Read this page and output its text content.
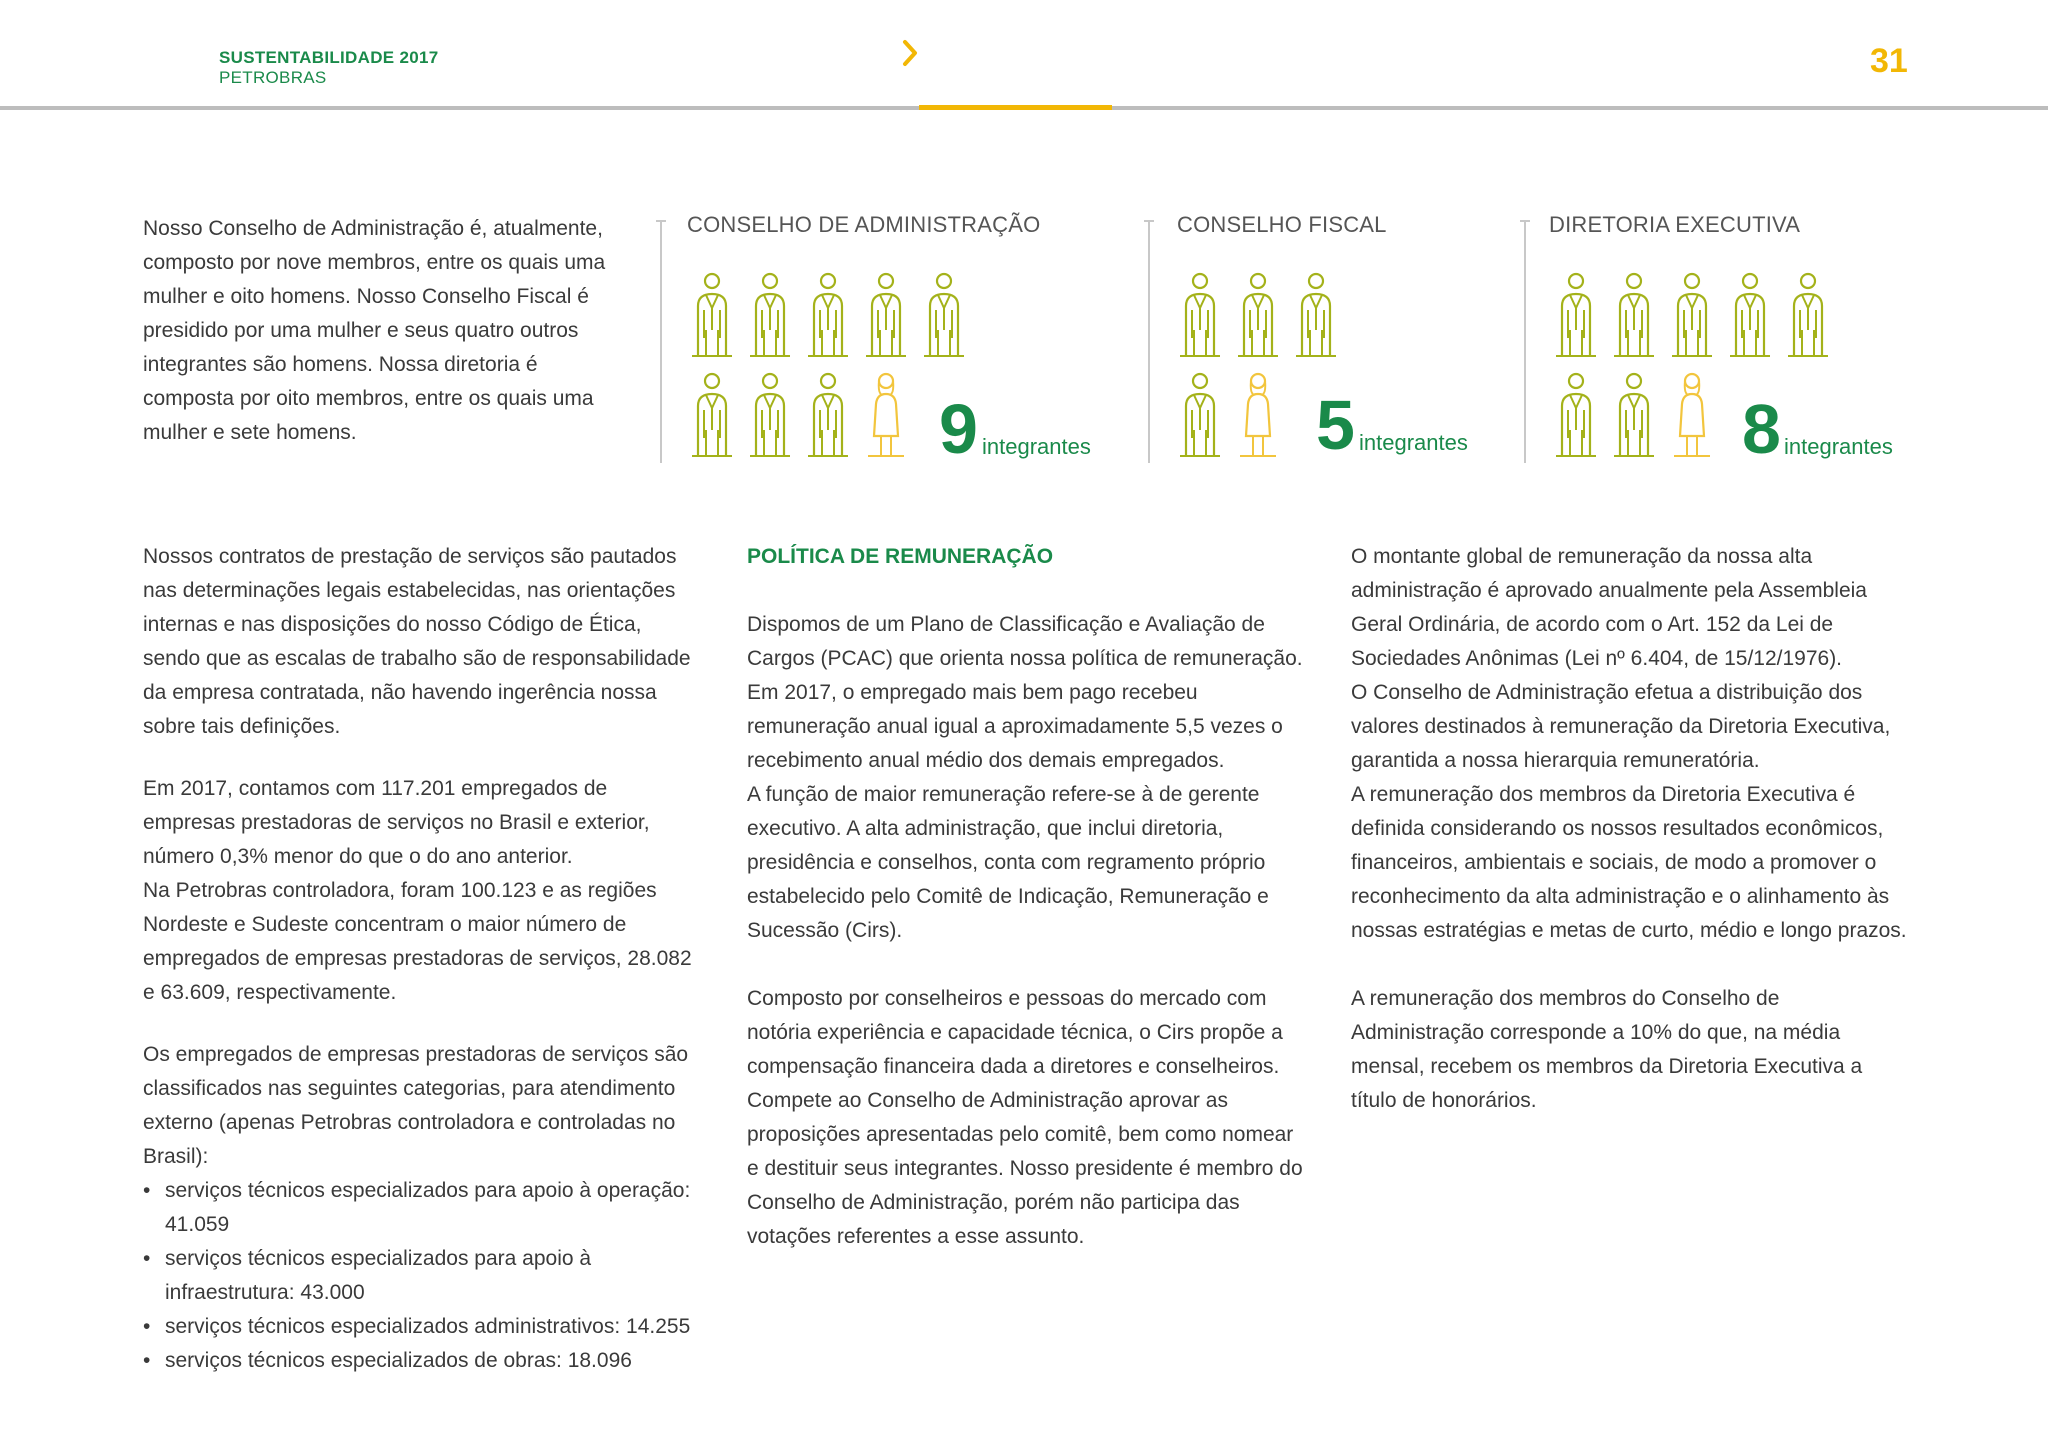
SUSTENTABILIDADE 2017
PETROBRAS	31

Nosso Conselho de Administração é, atualmente, composto por nove membros, entre os quais uma mulher e oito homens. Nosso Conselho Fiscal é presidido por uma mulher e seus quatro outros integrantes são homens. Nossa diretoria é composta por oito membros, entre os quais uma mulher e sete homens.

CONSELHO DE ADMINISTRAÇÃO
9 integrantes
CONSELHO FISCAL
5 integrantes
DIRETORIA EXECUTIVA
8 integrantes

Nossos contratos de prestação de serviços são pautados nas determinações legais estabelecidas, nas orientações internas e nas disposições do nosso Código de Ética, sendo que as escalas de trabalho são de responsabilidade da empresa contratada, não havendo ingerência nossa sobre tais definições.

Em 2017, contamos com 117.201 empregados de empresas prestadoras de serviços no Brasil e exterior, número 0,3% menor do que o do ano anterior.

Na Petrobras controladora, foram 100.123 e as regiões Nordeste e Sudeste concentram o maior número de empregados de empresas prestadoras de serviços, 28.082 e 63.609, respectivamente.

Os empregados de empresas prestadoras de serviços são classificados nas seguintes categorias, para atendimento externo (apenas Petrobras controladora e controladas no Brasil):

• serviços técnicos especializados para apoio à operação: 41.059
• serviços técnicos especializados para apoio à infraestrutura: 43.000
• serviços técnicos especializados administrativos: 14.255
• serviços técnicos especializados de obras: 18.096

POLÍTICA DE REMUNERAÇÃO

Dispomos de um Plano de Classificação e Avaliação de Cargos (PCAC) que orienta nossa política de remuneração. Em 2017, o empregado mais bem pago recebeu remuneração anual igual a aproximadamente 5,5 vezes o recebimento anual médio dos demais empregados.

A função de maior remuneração refere-se à de gerente executivo. A alta administração, que inclui diretoria, presidência e conselhos, conta com regramento próprio estabelecido pelo Comitê de Indicação, Remuneração e Sucessão (Cirs).

Composto por conselheiros e pessoas do mercado com notória experiência e capacidade técnica, o Cirs propõe a compensação financeira dada a diretores e conselheiros. Compete ao Conselho de Administração aprovar as proposições apresentadas pelo comitê, bem como nomear e destituir seus integrantes. Nosso presidente é membro do Conselho de Administração, porém não participa das votações referentes a esse assunto.

O montante global de remuneração da nossa alta administração é aprovado anualmente pela Assembleia Geral Ordinária, de acordo com o Art. 152 da Lei de Sociedades Anônimas (Lei nº 6.404, de 15/12/1976).

O Conselho de Administração efetua a distribuição dos valores destinados à remuneração da Diretoria Executiva, garantida a nossa hierarquia remuneratória.

A remuneração dos membros da Diretoria Executiva é definida considerando os nossos resultados econômicos, financeiros, ambientais e sociais, de modo a promover o reconhecimento da alta administração e o alinhamento às nossas estratégias e metas de curto, médio e longo prazos.

A remuneração dos membros do Conselho de Administração corresponde a 10% do que, na média mensal, recebem os membros da Diretoria Executiva a título de honorários.
